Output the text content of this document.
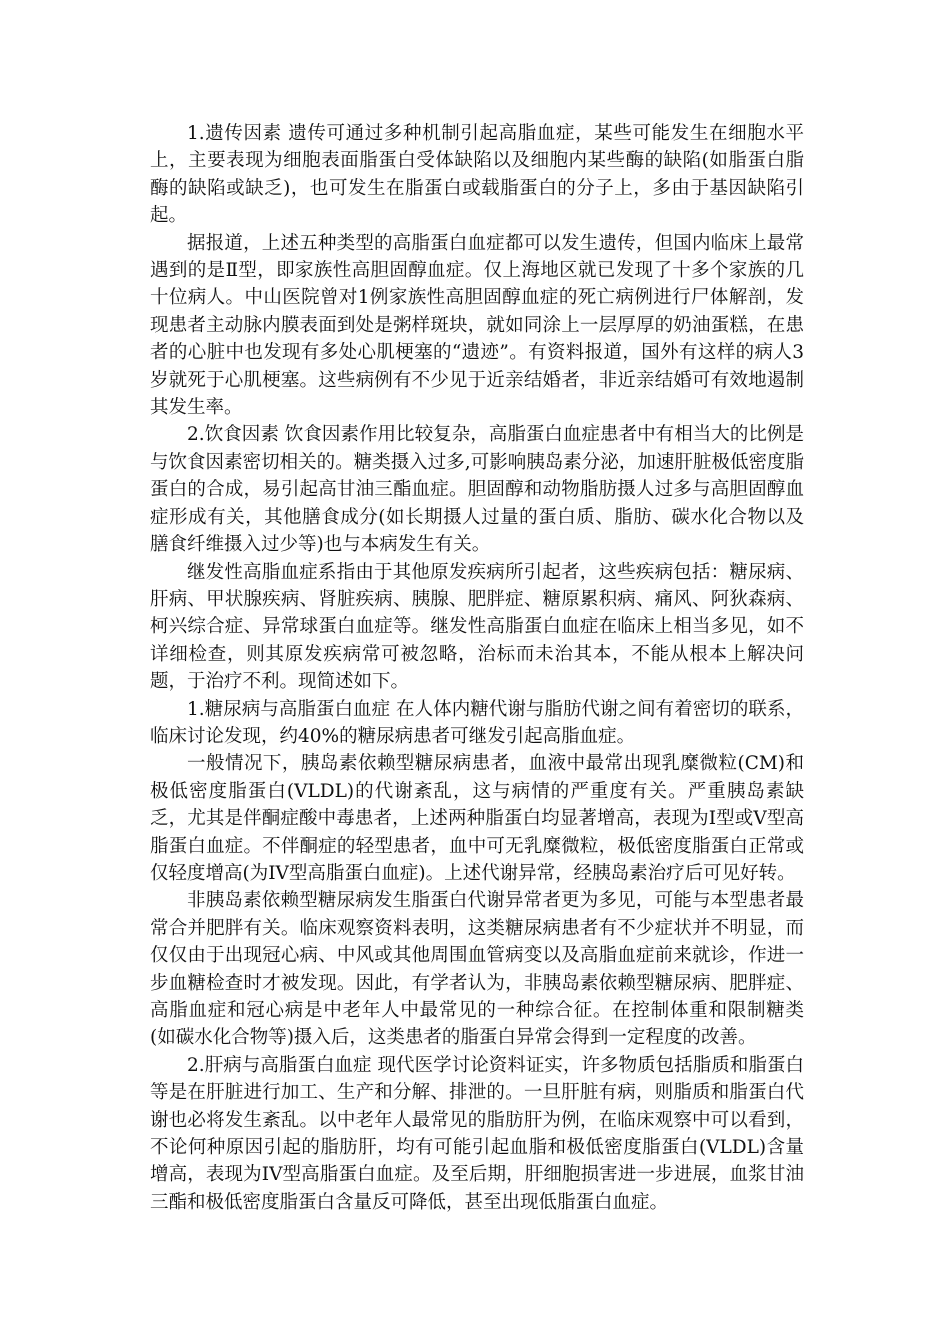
1.遗传因素 遗传可通过多种机制引起高脂血症，某些可能发生在细胞水平上，主要表现为细胞表面脂蛋白受体缺陷以及细胞内某些酶的缺陷(如脂蛋白脂酶的缺陷或缺乏)，也可发生在脂蛋白或载脂蛋白的分子上，多由于基因缺陷引起。

据报道，上述五种类型的高脂蛋白血症都可以发生遗传，但国内临床上最常遇到的是Ⅱ型，即家族性高胆固醇血症。仅上海地区就已发现了十多个家族的几十位病人。中山医院曾对1例家族性高胆固醇血症的死亡病例进行尸体解剖，发现患者主动脉内膜表面到处是粥样斑块，就如同涂上一层厚厚的奶油蛋糕，在患者的心脏中也发现有多处心肌梗塞的“遗迹”。有资料报道，国外有这样的病人3岁就死于心肌梗塞。这些病例有不少见于近亲结婚者，非近亲结婚可有效地遏制其发生率。

2.饮食因素 饮食因素作用比较复杂，高脂蛋白血症患者中有相当大的比例是与饮食因素密切相关的。糖类摄入过多,可影响胰岛素分泌，加速肝脏极低密度脂蛋白的合成，易引起高甘油三酯血症。胆固醇和动物脂肪摄人过多与高胆固醇血症形成有关，其他膳食成分(如长期摄人过量的蛋白质、脂肪、碳水化合物以及膳食纤维摄入过少等)也与本病发生有关。

继发性高脂血症系指由于其他原发疾病所引起者，这些疾病包括：糖尿病、肝病、甲状腺疾病、肾脏疾病、胰腺、肥胖症、糖原累积病、痛风、阿狄森病、柯兴综合症、异常球蛋白血症等。继发性高脂蛋白血症在临床上相当多见，如不详细检查，则其原发疾病常可被忽略，治标而未治其本，不能从根本上解决问题，于治疗不利。现简述如下。

1.糖尿病与高脂蛋白血症 在人体内糖代谢与脂肪代谢之间有着密切的联系，临床讨论发现，约40%的糖尿病患者可继发引起高脂血症。

一般情况下，胰岛素依赖型糖尿病患者，血液中最常出现乳糜微粒(CM)和极低密度脂蛋白(VLDL)的代谢紊乱，这与病情的严重度有关。严重胰岛素缺乏，尤其是伴酮症酸中毒患者，上述两种脂蛋白均显著增高，表现为I型或V型高脂蛋白血症。不伴酮症的轻型患者，血中可无乳糜微粒，极低密度脂蛋白正常或仅轻度增高(为IV型高脂蛋白血症)。上述代谢异常，经胰岛素治疗后可见好转。

非胰岛素依赖型糖尿病发生脂蛋白代谢异常者更为多见，可能与本型患者最常合并肥胖有关。临床观察资料表明，这类糖尿病患者有不少症状并不明显，而仅仅由于出现冠心病、中风或其他周围血管病变以及高脂血症前来就诊，作进一步血糖检查时才被发现。因此，有学者认为，非胰岛素依赖型糖尿病、肥胖症、高脂血症和冠心病是中老年人中最常见的一种综合征。在控制体重和限制糖类(如碳水化合物等)摄入后，这类患者的脂蛋白异常会得到一定程度的改善。

2.肝病与高脂蛋白血症 现代医学讨论资料证实，许多物质包括脂质和脂蛋白等是在肝脏进行加工、生产和分解、排泄的。一旦肝脏有病，则脂质和脂蛋白代谢也必将发生紊乱。以中老年人最常见的脂肪肝为例，在临床观察中可以看到，不论何种原因引起的脂肪肝，均有可能引起血脂和极低密度脂蛋白(VLDL)含量增高，表现为IV型高脂蛋白血症。及至后期，肝细胞损害进一步进展，血浆甘油三酯和极低密度脂蛋白含量反可降低，甚至出现低脂蛋白血症。
